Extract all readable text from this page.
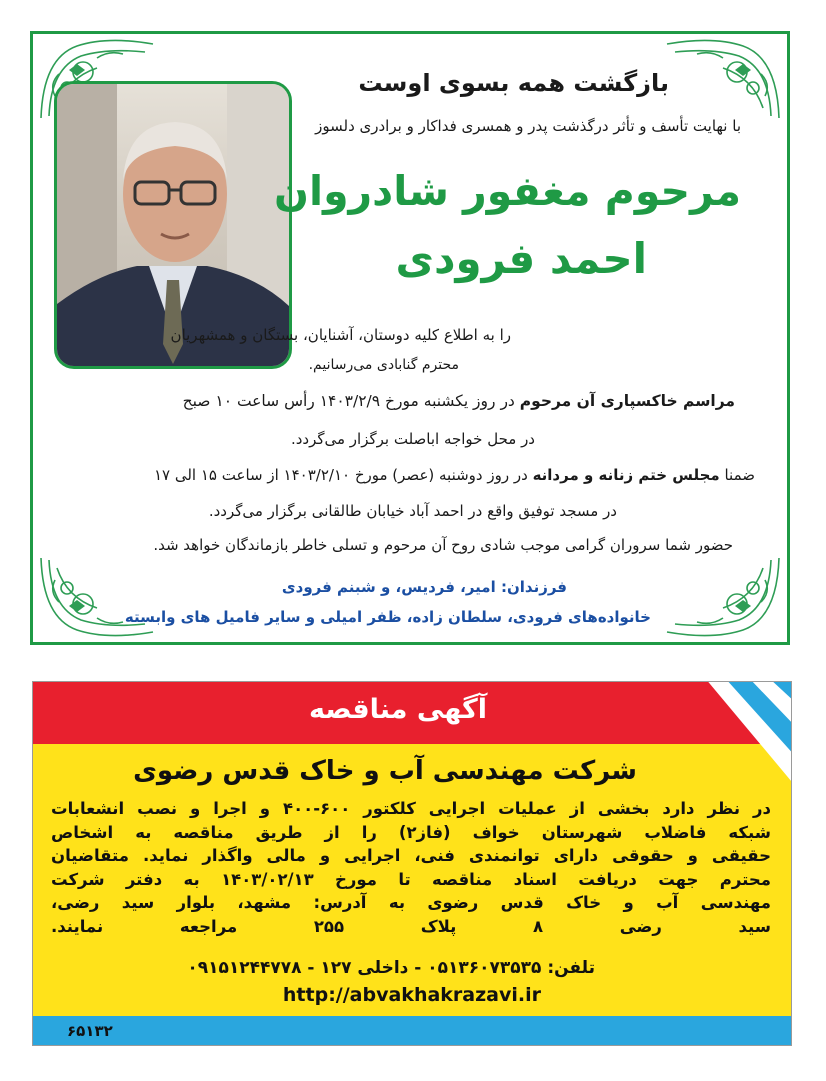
بازگشت همه بسوی اوست
با نهایت تأسف و تأثر درگذشت پدر و همسری فداکار و برادری دلسوز
مرحوم مغفور شادروان
احمد فرودی
را به اطلاع کلیه دوستان، آشنایان، بستگان و همشهریان
محترم گنابادی می‌رسانیم.
مراسم خاکسپاری آن مرحوم در روز یکشنبه مورخ ۱۴۰۳/۲/۹ رأس ساعت ۱۰ صبح
در محل خواجه اباصلت برگزار می‌گردد.
ضمنا مجلس ختم زنانه و مردانه در روز دوشنبه (عصر) مورخ ۱۴۰۳/۲/۱۰ از ساعت ۱۵ الی ۱۷
در مسجد توفیق واقع در احمد آباد خیابان طالقانی برگزار می‌گردد.
حضور شما سروران گرامی موجب شادی روح آن مرحوم و تسلی خاطر بازماندگان خواهد شد.
فرزندان: امیر، فردیس، و شبنم فرودی
خانواده‌های فرودی، سلطان زاده، ظفر امیلی و سایر فامیل های وابسته
آگهی مناقصه
شرکت مهندسی آب و خاک قدس رضوی
در نظر دارد بخشی از عملیات اجرایی کلکتور ۶۰۰-۴۰۰ و اجرا و نصب انشعابات
شبکه فاضلاب شهرستان خواف (فاز۲) را از طریق مناقصه به اشخاص
حقیقی و حقوقی دارای توانمندی فنی، اجرایی و مالی واگذار نماید. متقاضیان
محترم جهت دریافت اسناد مناقصه تا مورخ ۱۴۰۳/۰۲/۱۳ به دفتر شرکت
مهندسی آب و خاک قدس رضوی به آدرس: مشهد، بلوار سید رضی،
سید رضی ۸ پلاک ۲۵۵ مراجعه نمایند.
تلفن: ۰۵۱۳۶۰۷۳۵۳۵ - داخلی ۱۲۷ - ۰۹۱۵۱۲۴۴۷۷۸
http://abvakhakrazavi.ir
۶۵۱۳۲
